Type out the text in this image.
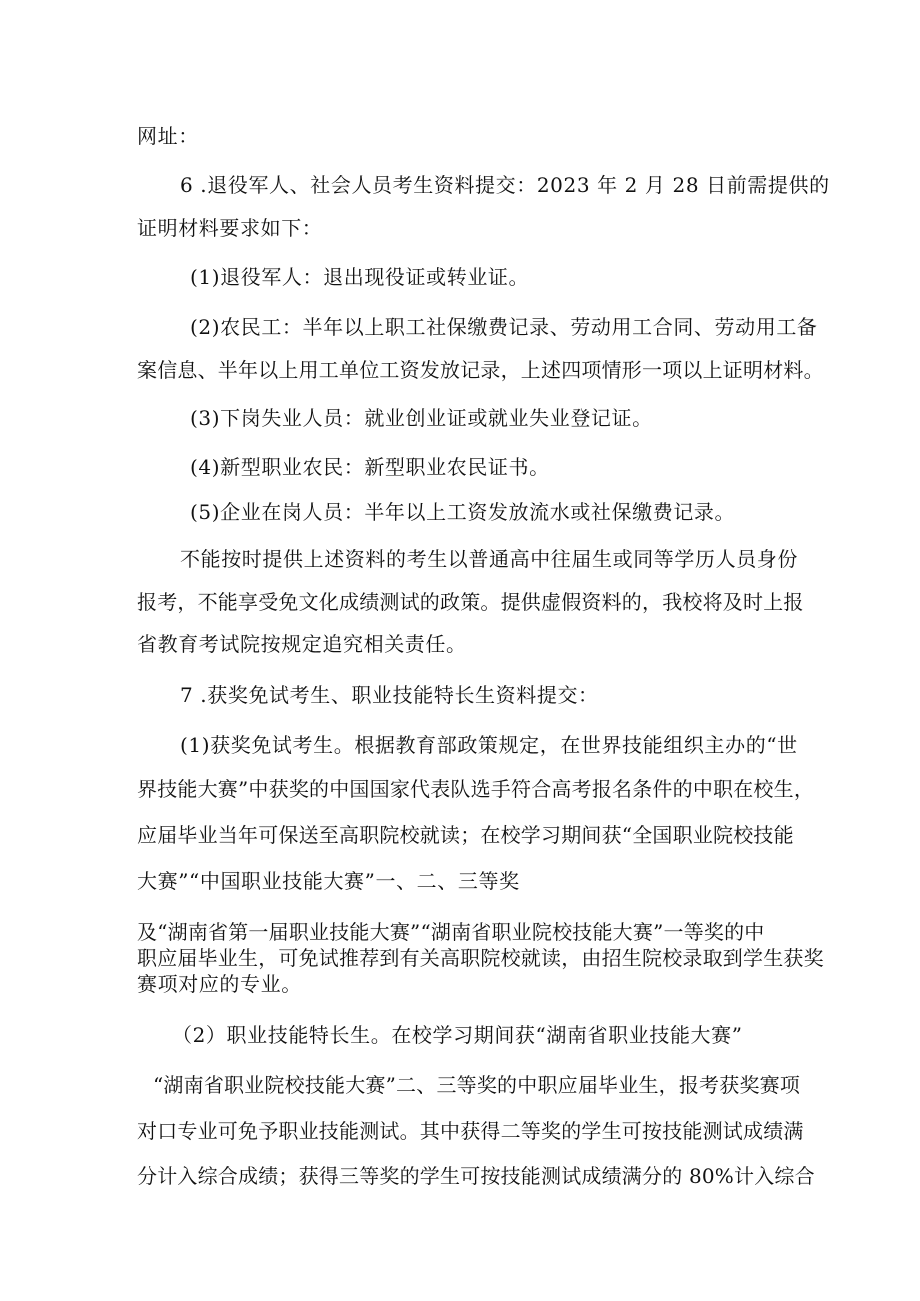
网址：

6 .退役军人、社会人员考生资料提交：2023 年 2 月 28 日前需提供的

证明材料要求如下：

(1)退役军人：退出现役证或转业证。

(2)农民工：半年以上职工社保缴费记录、劳动用工合同、劳动用工备

案信息、半年以上用工单位工资发放记录，上述四项情形一项以上证明材料。

(3)下岗失业人员：就业创业证或就业失业登记证。

(4)新型职业农民：新型职业农民证书。

(5)企业在岗人员：半年以上工资发放流水或社保缴费记录。

不能按时提供上述资料的考生以普通高中往届生或同等学历人员身份

报考，不能享受免文化成绩测试的政策。提供虚假资料的，我校将及时上报

省教育考试院按规定追究相关责任。

7 .获奖免试考生、职业技能特长生资料提交：

(1)获奖免试考生。根据教育部政策规定，在世界技能组织主办的“世

界技能大赛”中获奖的中国国家代表队选手符合高考报名条件的中职在校生，

应届毕业当年可保送至高职院校就读；在校学习期间获“全国职业院校技能

大赛”“中国职业技能大赛”一、二、三等奖

及“湖南省第一届职业技能大赛”“湖南省职业院校技能大赛”一等奖的中

职应届毕业生，可免试推荐到有关高职院校就读，由招生院校录取到学生获奖

赛项对应的专业。

（2）职业技能特长生。在校学习期间获“湖南省职业技能大赛”

“湖南省职业院校技能大赛”二、三等奖的中职应届毕业生，报考获奖赛项

对口专业可免予职业技能测试。其中获得二等奖的学生可按技能测试成绩满

分计入综合成绩；获得三等奖的学生可按技能测试成绩满分的 80%计入综合
